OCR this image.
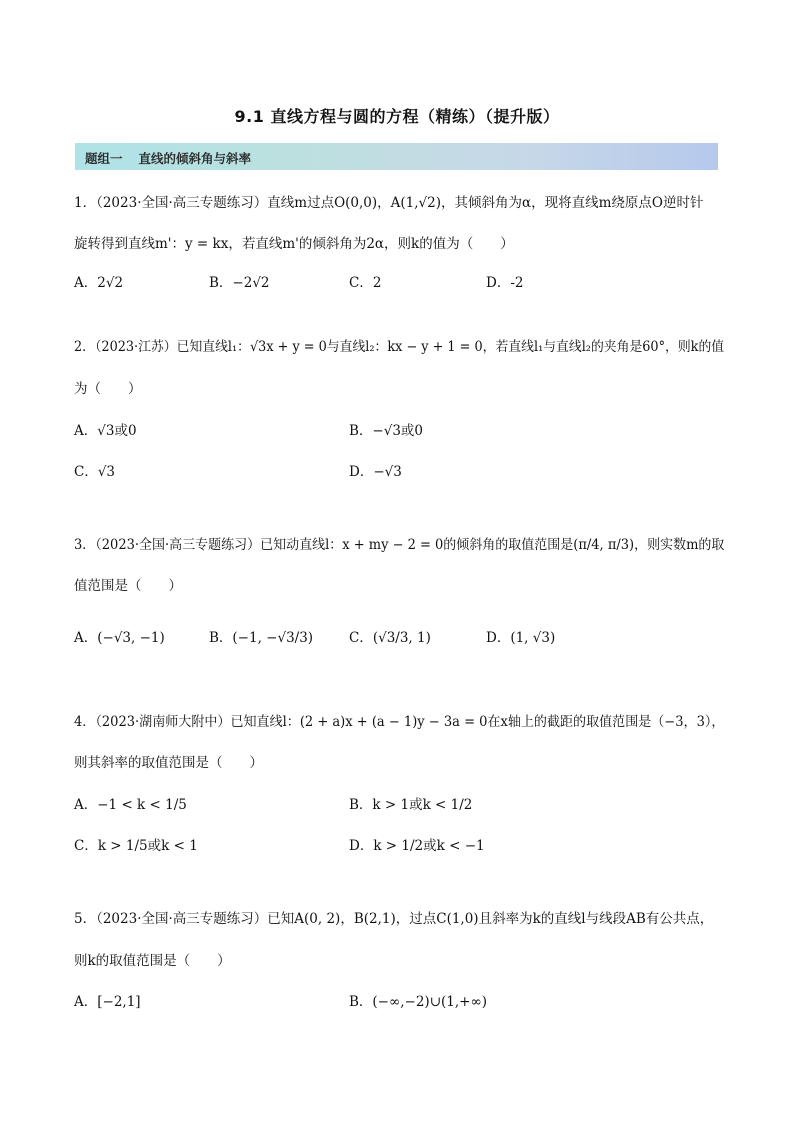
9.1 直线方程与圆的方程（精练）（提升版）
题组一 直线的倾斜角与斜率
1．（2023·全国·高三专题练习）直线m过点O(0,0)，A(1,√2)，其倾斜角为α，现将直线m绕原点O逆时针
旋转得到直线m'：y = kx，若直线m'的倾斜角为2α，则k的值为（　　）
A．2√2	B．−2√2	C．2	D．-2
2．（2023·江苏）已知直线l₁：√3x + y = 0与直线l₂：kx − y + 1 = 0，若直线l₁与直线l₂的夹角是60°，则k的值
为（　　）
A．√3或0	B．−√3或0
C．√3	D．−√3
3．（2023·全国·高三专题练习）已知动直线l：x + my − 2 = 0的倾斜角的取值范围是(π/4, π/3)，则实数m的取
值范围是（　　）
A．(−√3, −1)	B．(−1, −√3/3)	C．(√3/3, 1)	D．(1, √3)
4．（2023·湖南师大附中）已知直线l：(2 + a)x + (a − 1)y − 3a = 0在x轴上的截距的取值范围是（−3，3），
则其斜率的取值范围是（　　）
A．−1 < k < 1/5	B．k > 1或k < 1/2
C．k > 1/5或k < 1	D．k > 1/2或k < −1
5．（2023·全国·高三专题练习）已知A(0, 2)，B(2,1)，过点C(1,0)且斜率为k的直线l与线段AB有公共点，
则k的取值范围是（　　）
A．[−2,1]	B．(−∞,−2)∪(1,+∞)
